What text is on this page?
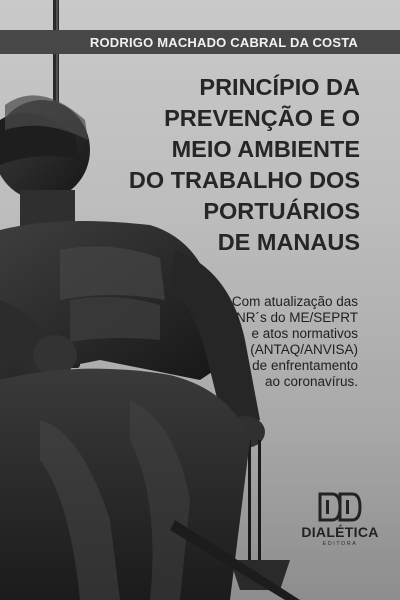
RODRIGO MACHADO CABRAL DA COSTA
PRINCÍPIO DA
PREVENÇÃO E O
MEIO AMBIENTE
DO TRABALHO DOS
PORTUÁRIOS
DE MANAUS
Com atualização das
NR´s do ME/SEPRT
e atos normativos
(ANTAQ/ANVISA)
de enfrentamento
ao coronavírus.
DIALÉTICA
EDITORA
